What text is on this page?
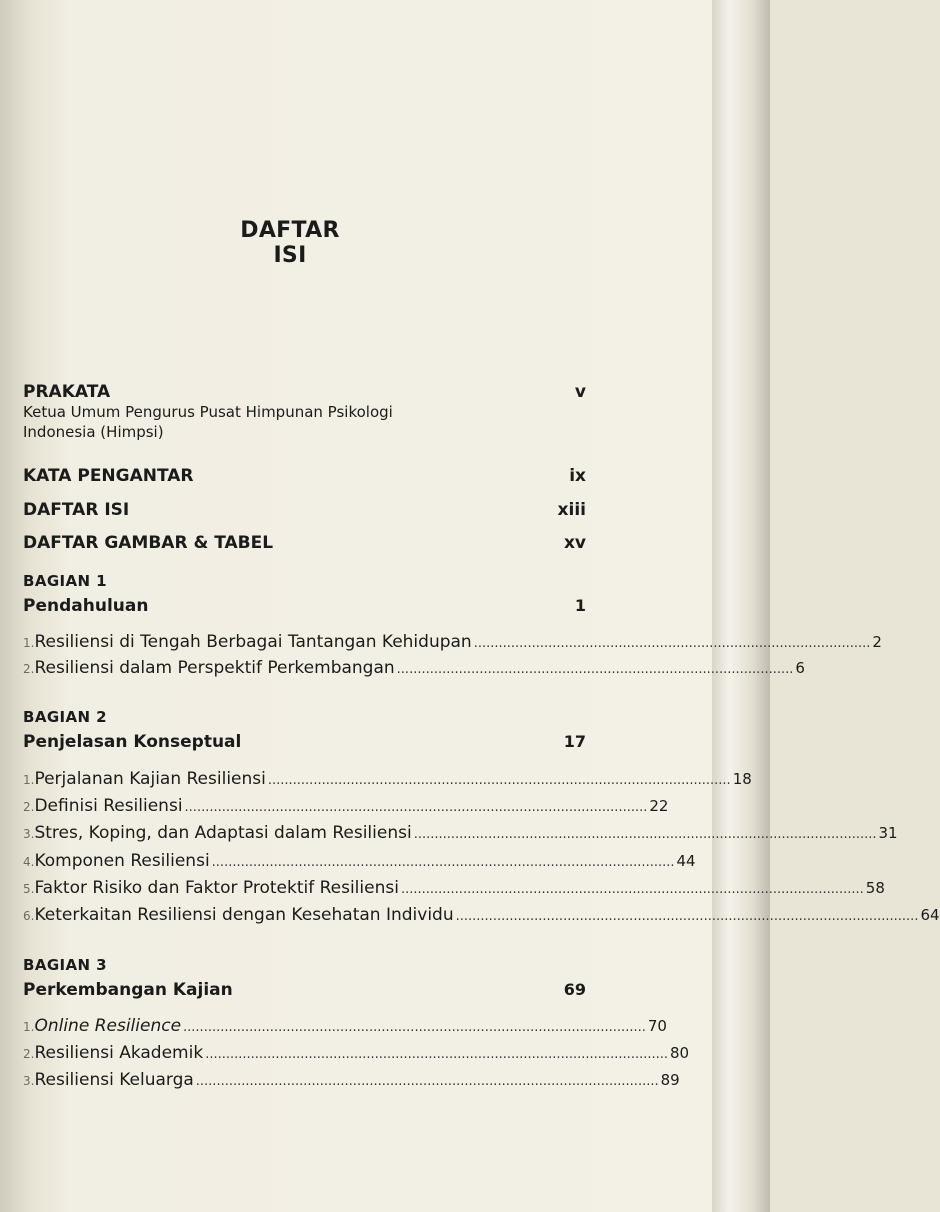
DAFTAR ISI
PRAKATA	v
Ketua Umum Pengurus Pusat Himpunan Psikologi Indonesia (Himpsi)
KATA PENGANTAR	ix
DAFTAR ISI	xiii
DAFTAR GAMBAR & TABEL	xv
BAGIAN 1
Pendahuluan	1
1. Resiliensi di Tengah Berbagai Tantangan Kehidupan ................................................................................................ 2
2. Resiliensi dalam Perspektif Perkembangan ................................................................................................ 6
BAGIAN 2
Penjelasan Konseptual	17
1. Perjalanan Kajian Resiliensi ................................................................................................................ 18
2. Definisi Resiliensi ................................................................................................................ 22
3. Stres, Koping, dan Adaptasi dalam Resiliensi ................................................................................................................ 31
4. Komponen Resiliensi ................................................................................................................ 44
5. Faktor Risiko dan Faktor Protektif Resiliensi ................................................................................................................ 58
6. Keterkaitan Resiliensi dengan Kesehatan Individu ................................................................................................................ 64
BAGIAN 3
Perkembangan Kajian	69
1. Online Resilience ................................................................................................................ 70
2. Resiliensi Akademik ................................................................................................................ 80
3. Resiliensi Keluarga ................................................................................................................ 89
